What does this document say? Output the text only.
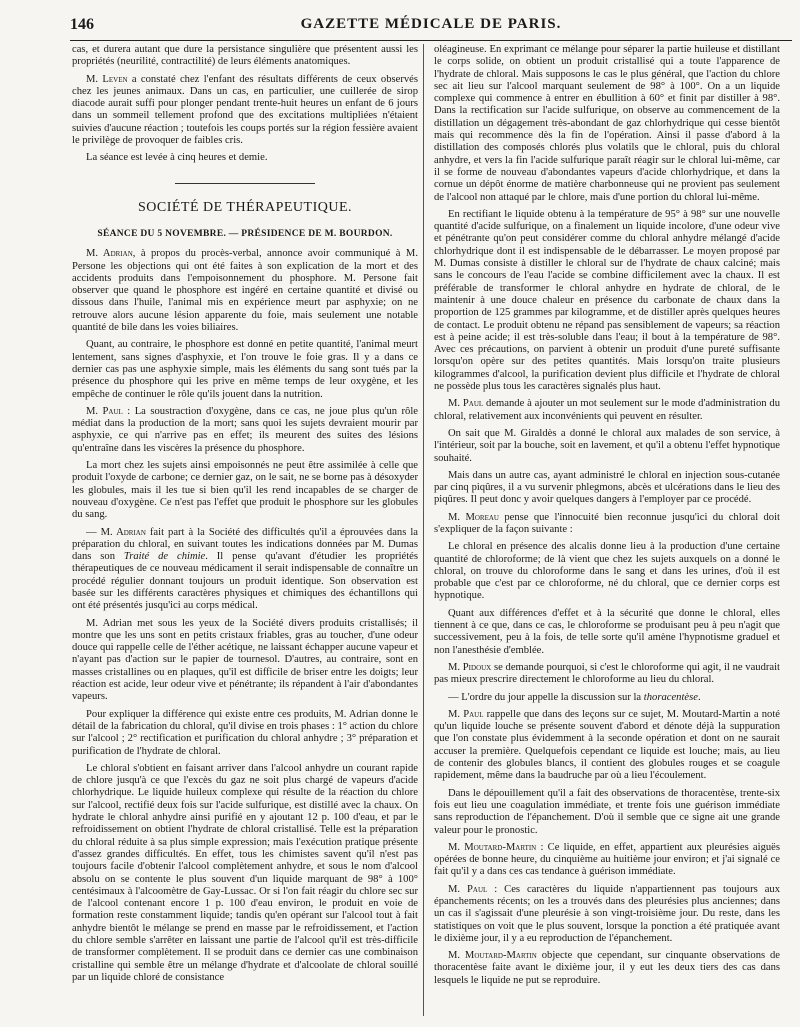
146	GAZETTE MÉDICALE DE PARIS.

cas, et durera autant que dure la persistance singulière que présentent aussi les propriétés (neurilité, contractilité) de leurs éléments anatomiques.

M. Leven a constaté chez l'enfant des résultats différents de ceux observés chez les jeunes animaux. Dans un cas, en particulier, une cuillerée de sirop diacode aurait suffi pour plonger pendant trente-huit heures un enfant de 6 jours dans un sommeil tellement profond que des excitations multipliées n'étaient suivies d'aucune réaction ; toutefois les coups portés sur la région fessière avaient le privilège de provoquer de faibles cris.

La séance est levée à cinq heures et demie.

SOCIÉTÉ DE THÉRAPEUTIQUE.
SÉANCE DU 5 NOVEMBRE. — PRÉSIDENCE DE M. BOURDON.

M. Adrian, à propos du procès-verbal, annonce avoir communiqué à M. Persone les objections qui ont été faites à son explication de la mort et des accidents produits dans l'empoisonnement du phosphore. M. Persone fait observer que quand le phosphore est ingéré en certaine quantité et divisé ou dissous dans l'huile, l'animal mis en expérience meurt par asphyxie; on ne retrouve alors aucune lésion apparente du foie, mais seulement une notable quantité de bile dans les voies biliaires.

Quant, au contraire, le phosphore est donné en petite quantité, l'animal meurt lentement, sans signes d'asphyxie, et l'on trouve le foie gras. Il y a dans ce dernier cas pas une asphyxie simple, mais les éléments du sang sont tués par la présence du phosphore qui les prive en même temps de leur oxygène, et les empêche de continuer le rôle qu'ils jouent dans la nutrition.

M. Paul : La soustraction d'oxygène, dans ce cas, ne joue plus qu'un rôle médiat dans la production de la mort; sans quoi les sujets devraient mourir par asphyxie, ce qui n'arrive pas en effet; ils meurent des suites des lésions qu'entraîne dans les viscères la présence du phosphore.

La mort chez les sujets ainsi empoisonnés ne peut être assimilée à celle que produit l'oxyde de carbone; ce dernier gaz, on le sait, ne se borne pas à désoxyder les globules, mais il les tue si bien qu'il les rend incapables de se charger de nouveau d'oxygène. Ce n'est pas l'effet que produit le phosphore sur les globules du sang.

— M. Adrian fait part à la Société des difficultés qu'il a éprouvées dans la préparation du chloral, en suivant toutes les indications données par M. Dumas dans son Traité de chimie. Il pense qu'avant d'étudier les propriétés thérapeutiques de ce nouveau médicament il serait indispensable de connaître un procédé régulier donnant toujours un produit identique. Son observation est basée sur les différents caractères physiques et chimiques des échantillons qui ont été présentés jusqu'ici au corps médical.

M. Adrian met sous les yeux de la Société divers produits cristallisés; il montre que les uns sont en petits cristaux friables, gras au toucher, d'une odeur douce qui rappelle celle de l'éther acétique, ne laissant échapper aucune vapeur et n'ayant pas d'action sur le papier de tournesol. D'autres, au contraire, sont en masses cristallines ou en plaques, qu'il est difficile de briser entre les doigts; leur réaction est acide, leur odeur vive et pénétrante; ils répandent à l'air d'abondantes vapeurs.

Pour expliquer la différence qui existe entre ces produits, M. Adrian donne le détail de la fabrication du chloral, qu'il divise en trois phases : 1° action du chlore sur l'alcool ; 2° rectification et purification du chloral anhydre ; 3° préparation et purification de l'hydrate de chloral.

Le chloral s'obtient en faisant arriver dans l'alcool anhydre un courant rapide de chlore jusqu'à ce que l'excès du gaz ne soit plus chargé de vapeurs d'acide chlorhydrique. Le liquide huileux complexe qui résulte de la réaction du chlore sur l'alcool, rectifié deux fois sur l'acide sulfurique, est distillé avec la chaux. On hydrate le chloral anhydre ainsi purifié en y ajoutant 12 p. 100 d'eau, et par le refroidissement on obtient l'hydrate de chloral cristallisé. Telle est la préparation du chloral réduite à sa plus simple expression; mais l'exécution pratique présente d'assez grandes difficultés. En effet, tous les chimistes savent qu'il n'est pas toujours facile d'obtenir l'alcool complètement anhydre, et sous le nom d'alcool absolu on se contente le plus souvent d'un liquide marquant de 98° à 100° centésimaux à l'alcoomètre de Gay-Lussac. Or si l'on fait réagir du chlore sec sur de l'alcool contenant encore 1 p. 100 d'eau environ, le produit en voie de formation reste constamment liquide; tandis qu'en opérant sur l'alcool tout à fait anhydre bientôt le mélange se prend en masse par le refroidissement, et l'action du chlore semble s'arrêter en laissant une partie de l'alcool qu'il est très-difficile de transformer complètement. Il se produit dans ce dernier cas une combinaison cristalline qui semble être un mélange d'hydrate et d'alcoolate de chloral souillé par un liquide chloré de consistance

oléagineuse. En exprimant ce mélange pour séparer la partie huileuse et distillant le corps solide, on obtient un produit cristallisé qui a toute l'apparence de l'hydrate de chloral. Mais supposons le cas le plus général, que l'action du chlore sec ait lieu sur l'alcool marquant seulement de 98° à 100°. On a un liquide complexe qui commence à entrer en ébullition à 60° et finit par distiller à 98°. Dans la rectification sur l'acide sulfurique, on observe au commencement de la distillation un dégagement très-abondant de gaz chlorhydrique qui cesse bientôt mais qui recommence dès la fin de l'opération. Ainsi il passe d'abord à la distillation des composés chlorés plus volatils que le chloral, puis du chloral anhydre, et vers la fin l'acide sulfurique paraît réagir sur le chloral lui-même, car il se forme de nouveau d'abondantes vapeurs d'acide chlorhydrique, et dans la cornue un dépôt énorme de matière charbonneuse qui ne provient pas seulement de l'alcool non attaqué par le chlore, mais d'une portion du chloral lui-même.

En rectifiant le liquide obtenu à la température de 95° à 98° sur une nouvelle quantité d'acide sulfurique, on a finalement un liquide incolore, d'une odeur vive et pénétrante qu'on peut considérer comme du chloral anhydre mélangé d'acide chlorhydrique dont il est indispensable de le débarrasser. Le moyen proposé par M. Dumas consiste à distiller le chloral sur de l'hydrate de chaux calciné; mais sans le concours de l'eau l'acide se combine difficilement avec la chaux. Il est préférable de transformer le chloral anhydre en hydrate de chloral, de le maintenir à une douce chaleur en présence du carbonate de chaux dans la proportion de 125 grammes par kilogramme, et de distiller après quelques heures de contact. Le produit obtenu ne répand pas sensiblement de vapeurs; sa réaction est à peine acide; il est très-soluble dans l'eau; il bout à la température de 98°. Avec ces précautions, on parvient à obtenir un produit d'une pureté suffisante lorsqu'on opère sur des petites quantités. Mais lorsqu'on traite plusieurs kilogrammes d'alcool, la purification devient plus difficile et l'hydrate de chloral ne possède plus tous les caractères signalés plus haut.

M. Paul demande à ajouter un mot seulement sur le mode d'administration du chloral, relativement aux inconvénients qui peuvent en résulter.

On sait que M. Giraldès a donné le chloral aux malades de son service, à l'intérieur, soit par la bouche, soit en lavement, et qu'il a obtenu l'effet hypnotique souhaité.

Mais dans un autre cas, ayant administré le chloral en injection sous-cutanée par cinq piqûres, il a vu survenir phlegmons, abcès et ulcérations dans le lieu des piqûres. Il peut donc y avoir quelques dangers à l'employer par ce procédé.

M. Moreau pense que l'innocuité bien reconnue jusqu'ici du chloral doit s'expliquer de la façon suivante :

Le chloral en présence des alcalis donne lieu à la production d'une certaine quantité de chloroforme; de là vient que chez les sujets auxquels on a donné le chloral, on trouve du chloroforme dans le sang et dans les urines, d'où il est probable que c'est par ce chloroforme, né du chloral, que ce dernier corps est hypnotique.

Quant aux différences d'effet et à la sécurité que donne le chloral, elles tiennent à ce que, dans ce cas, le chloroforme se produisant peu à peu n'agit que successivement, peu à la fois, de telle sorte qu'il amène l'hypnotisme graduel et non l'anesthésie d'emblée.

M. Pidoux se demande pourquoi, si c'est le chloroforme qui agit, il ne vaudrait pas mieux prescrire directement le chloroforme au lieu du chloral.

— L'ordre du jour appelle la discussion sur la thoracentèse.

M. Paul rappelle que dans des leçons sur ce sujet, M. Moutard-Martin a noté qu'un liquide louche se présente souvent d'abord et dénote déjà la suppuration que l'on constate plus évidemment à la seconde opération et dont on ne saurait accuser la première. Quelquefois cependant ce liquide est louche; mais, au lieu de contenir des globules blancs, il contient des globules rouges et se coagule rapidement, même dans la baudruche par où a lieu l'écoulement.

Dans le dépouillement qu'il a fait des observations de thoracentèse, trente-six fois eut lieu une coagulation immédiate, et trente fois une guérison immédiate sans reproduction de l'épanchement. D'où il semble que ce signe ait une grande valeur pour le pronostic.

M. Moutard-Martin : Ce liquide, en effet, appartient aux pleurésies aiguës opérées de bonne heure, du cinquième au huitième jour environ; et j'ai signalé ce fait qu'il y a dans ces cas tendance à guérison immédiate.

M. Paul : Ces caractères du liquide n'appartiennent pas toujours aux épanchements récents; on les a trouvés dans des pleurésies plus anciennes; dans un cas il s'agissait d'une pleurésie à son vingt-troisième jour. Du reste, dans les statistiques on voit que le plus souvent, lorsque la ponction a été pratiquée avant le dixième jour, il y a eu reproduction de l'épanchement.

M. Moutard-Martin objecte que cependant, sur cinquante observations de thoracentèse faite avant le dixième jour, il y eut les deux tiers des cas dans lesquels le liquide ne put se reproduire.
